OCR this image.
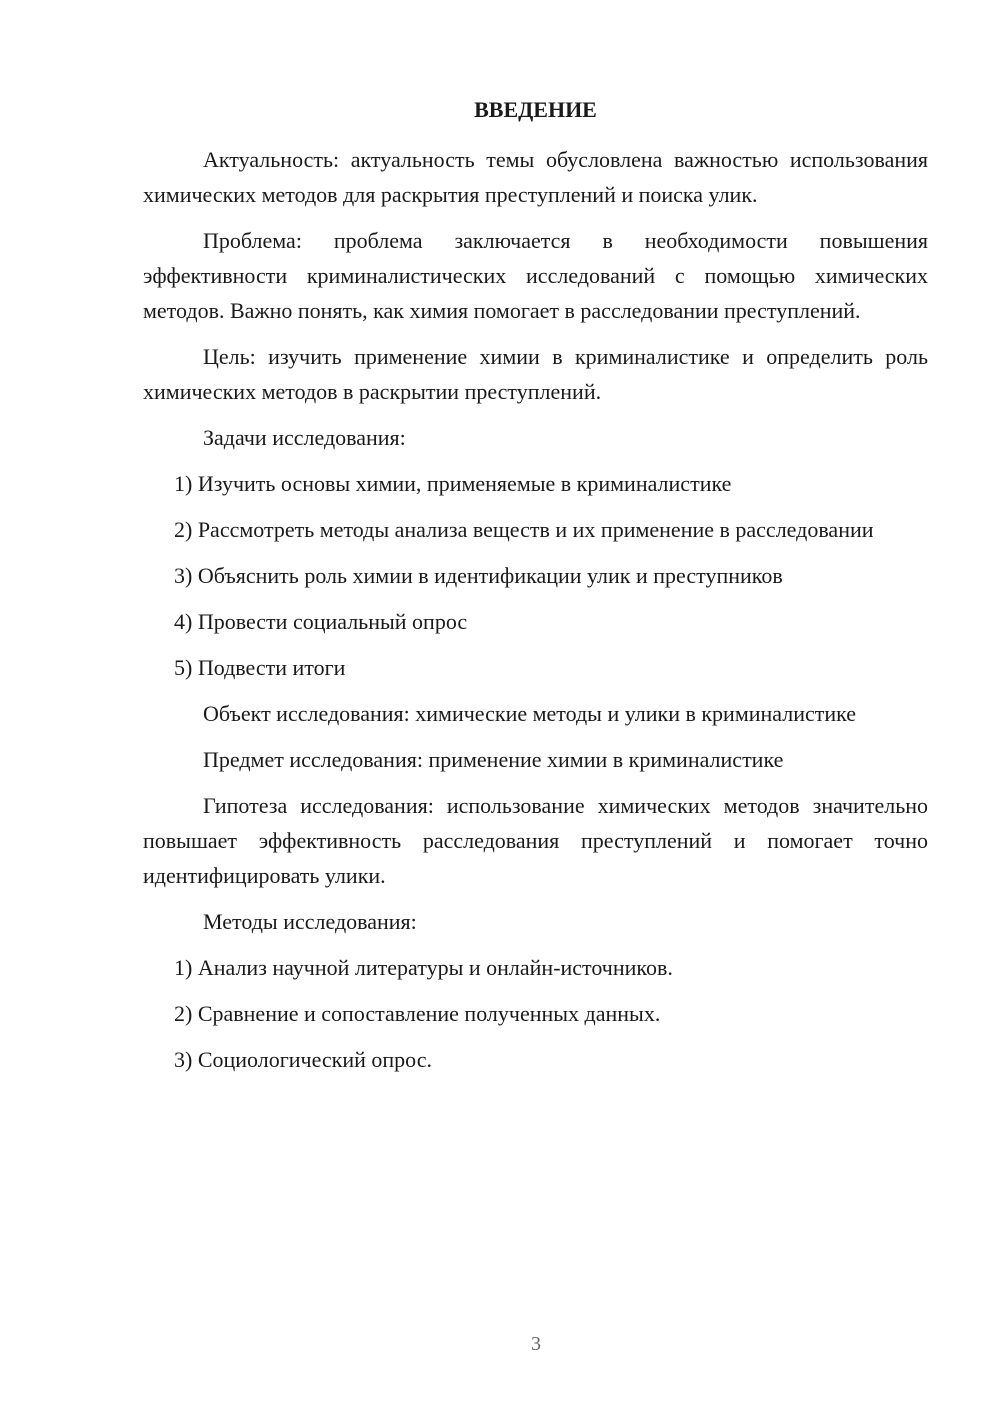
ВВЕДЕНИЕ

Актуальность: актуальность темы обусловлена важностью использования химических методов для раскрытия преступлений и поиска улик.

Проблема: проблема заключается в необходимости повышения эффективности криминалистических исследований с помощью химических методов. Важно понять, как химия помогает в расследовании преступлений.

Цель: изучить применение химии в криминалистике и определить роль химических методов в раскрытии преступлений.

Задачи исследования:

1) Изучить основы химии, применяемые в криминалистике

2) Рассмотреть методы анализа веществ и их применение в расследовании

3) Объяснить роль химии в идентификации улик и преступников

4) Провести социальный опрос

5) Подвести итоги

Объект исследования: химические методы и улики в криминалистике

Предмет исследования: применение химии в криминалистике

Гипотеза исследования: использование химических методов значительно повышает эффективность расследования преступлений и помогает точно идентифицировать улики.

Методы исследования:

1) Анализ научной литературы и онлайн-источников.

2) Сравнение и сопоставление полученных данных.

3) Социологический опрос.

3
